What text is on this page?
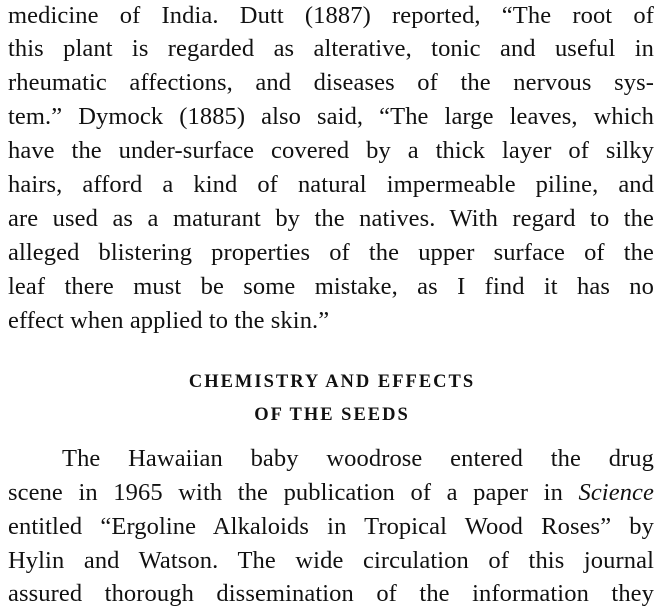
medicine of India. Dutt (1887) reported, “The root of
this plant is regarded as alterative, tonic and useful in
rheumatic affections, and diseases of the nervous sys-
tem.” Dymock (1885) also said, “The large leaves, which
have the under-surface covered by a thick layer of silky
hairs, afford a kind of natural impermeable piline, and
are used as a maturant by the natives. With regard to the
alleged blistering properties of the upper surface of the
leaf there must be some mistake, as I find it has no
effect when applied to the skin.”
CHEMISTRY AND EFFECTS
OF THE SEEDS
The Hawaiian baby woodrose entered the drug
scene in 1965 with the publication of a paper in Science
entitled “Ergoline Alkaloids in Tropical Wood Roses” by
Hylin and Watson. The wide circulation of this journal
assured thorough dissemination of the information they
